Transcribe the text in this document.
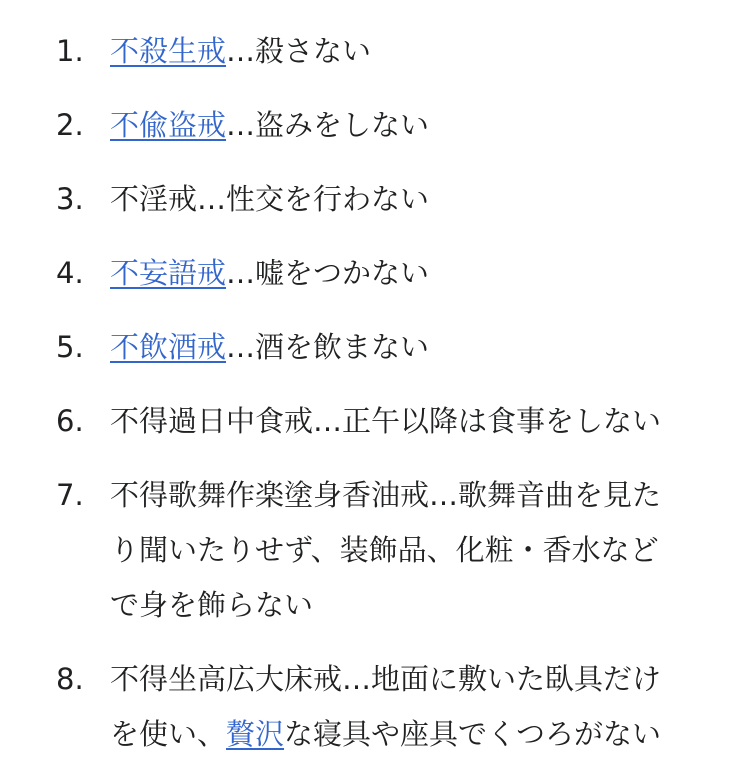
1. 不殺生戒…殺さない
2. 不偸盗戒…盗みをしない
3. 不淫戒…性交を行わない
4. 不妄語戒…嘘をつかない
5. 不飲酒戒…酒を飲まない
6. 不得過日中食戒…正午以降は食事をしない
7. 不得歌舞作楽塗身香油戒…歌舞音曲を見た
り聞いたりせず、装飾品、化粧・香水など
で身を飾らない
8. 不得坐高広大床戒…地面に敷いた臥具だけ
を使い、贅沢な寝具や座具でくつろがない
